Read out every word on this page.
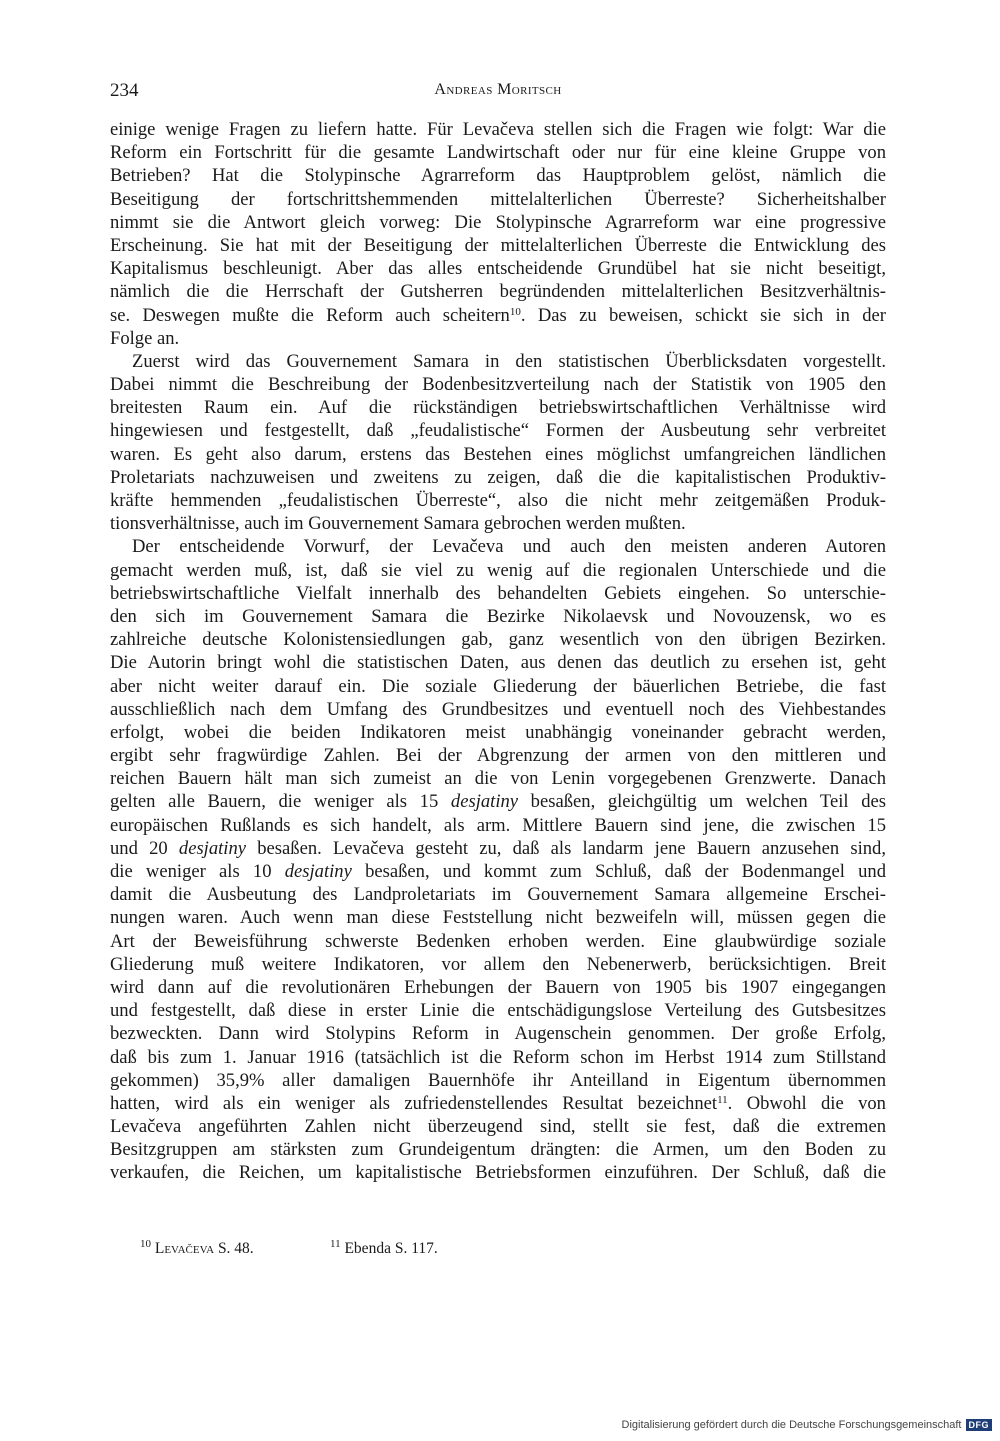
234	Andreas Moritsch
einige wenige Fragen zu liefern hatte. Für Levačeva stellen sich die Fragen wie folgt: War die
Reform ein Fortschritt für die gesamte Landwirtschaft oder nur für eine kleine Gruppe von
Betrieben? Hat die Stolypinsche Agrarreform das Hauptproblem gelöst, nämlich die
Beseitigung der fortschrittshemmenden mittelalterlichen Überreste? Sicherheitshalber
nimmt sie die Antwort gleich vorweg: Die Stolypinsche Agrarreform war eine progressive
Erscheinung. Sie hat mit der Beseitigung der mittelalterlichen Überreste die Entwicklung des
Kapitalismus beschleunigt. Aber das alles entscheidende Grundübel hat sie nicht beseitigt,
nämlich die die Herrschaft der Gutsherren begründenden mittelalterlichen Besitzverhältnis-
se. Deswegen mußte die Reform auch scheitern$^{10}$. Das zu beweisen, schickt sie sich in der
Folge an.
Zuerst wird das Gouvernement Samara in den statistischen Überblicksdaten vorgestellt.
Dabei nimmt die Beschreibung der Bodenbesitzverteilung nach der Statistik von 1905 den
breitesten Raum ein. Auf die rückständigen betriebswirtschaftlichen Verhältnisse wird
hingewiesen und festgestellt, daß „feudalistische“ Formen der Ausbeutung sehr verbreitet
waren. Es geht also darum, erstens das Bestehen eines möglichst umfangreichen ländlichen
Proletariats nachzuweisen und zweitens zu zeigen, daß die die kapitalistischen Produktiv-
kräfte hemmenden „feudalistischen Überreste“, also die nicht mehr zeitgemäßen Produk-
tionsverhältnisse, auch im Gouvernement Samara gebrochen werden mußten.
Der entscheidende Vorwurf, der Levačeva und auch den meisten anderen Autoren
gemacht werden muß, ist, daß sie viel zu wenig auf die regionalen Unterschiede und die
betriebswirtschaftliche Vielfalt innerhalb des behandelten Gebiets eingehen. So unterschie-
den sich im Gouvernement Samara die Bezirke Nikolaevsk und Novouzensk, wo es
zahlreiche deutsche Kolonistensiedlungen gab, ganz wesentlich von den übrigen Bezirken.
Die Autorin bringt wohl die statistischen Daten, aus denen das deutlich zu ersehen ist, geht
aber nicht weiter darauf ein. Die soziale Gliederung der bäuerlichen Betriebe, die fast
ausschließlich nach dem Umfang des Grundbesitzes und eventuell noch des Viehbestandes
erfolgt, wobei die beiden Indikatoren meist unabhängig voneinander gebracht werden,
ergibt sehr fragwürdige Zahlen. Bei der Abgrenzung der armen von den mittleren und
reichen Bauern hält man sich zumeist an die von Lenin vorgegebenen Grenzwerte. Danach
gelten alle Bauern, die weniger als 15 desjatiny besaßen, gleichgültig um welchen Teil des
europäischen Rußlands es sich handelt, als arm. Mittlere Bauern sind jene, die zwischen 15
und 20 desjatiny besaßen. Levačeva gesteht zu, daß als landarm jene Bauern anzusehen sind,
die weniger als 10 desjatiny besaßen, und kommt zum Schluß, daß der Bodenmangel und
damit die Ausbeutung des Landproletariats im Gouvernement Samara allgemeine Erschei-
nungen waren. Auch wenn man diese Feststellung nicht bezweifeln will, müssen gegen die
Art der Beweisführung schwerste Bedenken erhoben werden. Eine glaubwürdige soziale
Gliederung muß weitere Indikatoren, vor allem den Nebenerwerb, berücksichtigen. Breit
wird dann auf die revolutionären Erhebungen der Bauern von 1905 bis 1907 eingegangen
und festgestellt, daß diese in erster Linie die entschädigungslose Verteilung des Gutsbesitzes
bezweckten. Dann wird Stolypins Reform in Augenschein genommen. Der große Erfolg,
daß bis zum 1. Januar 1916 (tatsächlich ist die Reform schon im Herbst 1914 zum Stillstand
gekommen) 35,9% aller damaligen Bauernhöfe ihr Anteilland in Eigentum übernommen
hatten, wird als ein weniger als zufriedenstellendes Resultat bezeichnet$^{11}$. Obwohl die von
Levačeva angeführten Zahlen nicht überzeugend sind, stellt sie fest, daß die extremen
Besitzgruppen am stärksten zum Grundeigentum drängten: die Armen, um den Boden zu
verkaufen, die Reichen, um kapitalistische Betriebsformen einzuführen. Der Schluß, daß die
$^{10}$ Levačeva S. 48.	$^{11}$ Ebenda S. 117.
Digitalisierung gefördert durch die Deutsche Forschungsgemeinschaft DFG
